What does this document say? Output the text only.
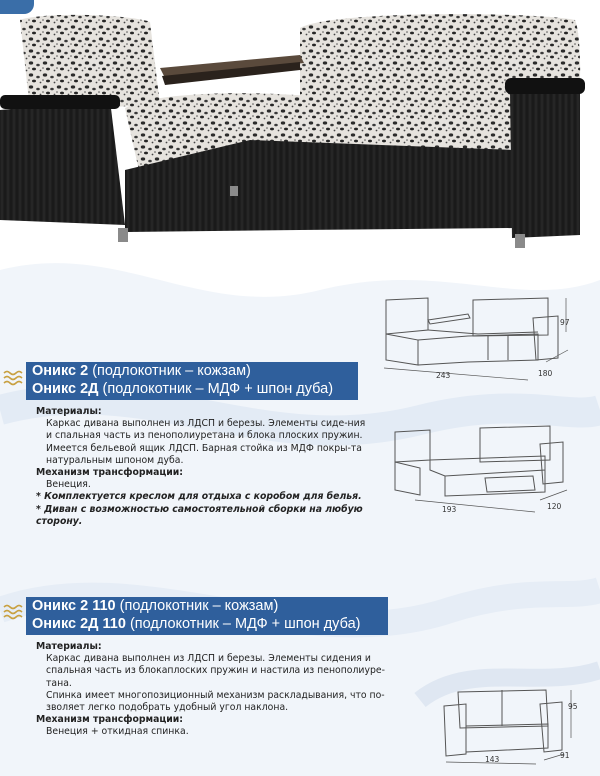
Оникс 2 (подлокотник – кожзам)
Оникс 2Д (подлокотник – МДФ + шпон дуба)

Материалы:

Каркас дивана выполнен из ЛДСП и березы. Элементы сиде-ния и спальная часть из пенополиуретана и блока плоских пружин.

Имеется бельевой ящик ЛДСП. Барная стойка из МДФ покры-та натуральным шпоном дуба.

Механизм трансформации:

Венеция.

* Комплектуется креслом для отдыха с коробом для белья.

* Диван с возможностью самостоятельной сборки на любую сторону.

97
243	180
193	120
Оникс 2 110 (подлокотник – кожзам)
Оникс 2Д 110 (подлокотник – МДФ + шпон дуба)

Материалы:

Каркас дивана выполнен из ЛДСП и березы. Элементы сидения и спальная часть из блокаплоских пружин и настила из пенополиуре-тана.

Спинка имеет многопозиционный механизм раскладывания, что по-зволяет легко подобрать удобный угол наклона.

Механизм трансформации:

Венеция + откидная спинка.

95
143	91
